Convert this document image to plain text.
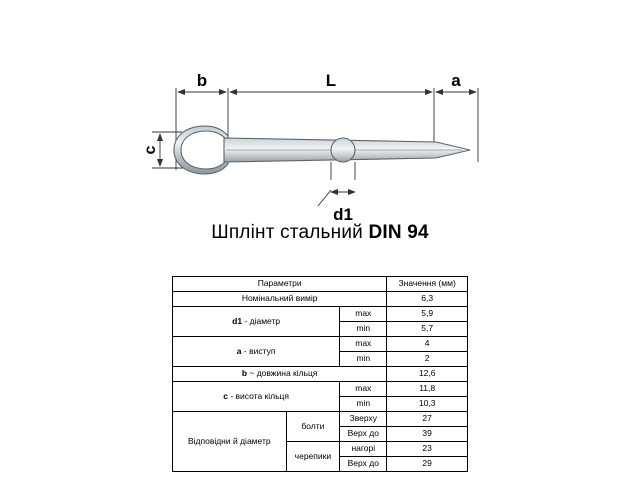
b	L	a
c
d1
Шплінт стальний DIN 94
Параметри			Значення (мм)
Номінальний вимір			6,3
d1 - діаметр		max	5,9
		min	5,7
a - виступ		max	4
		min	2
b ~ довжина кільця			12,6
c - висота кільця		max	11,8
		min	10,3
Відповідни й діаметр	болти	Зверху	27
		Верх до	39
	черепики	нагорі	23
		Верх до	29
